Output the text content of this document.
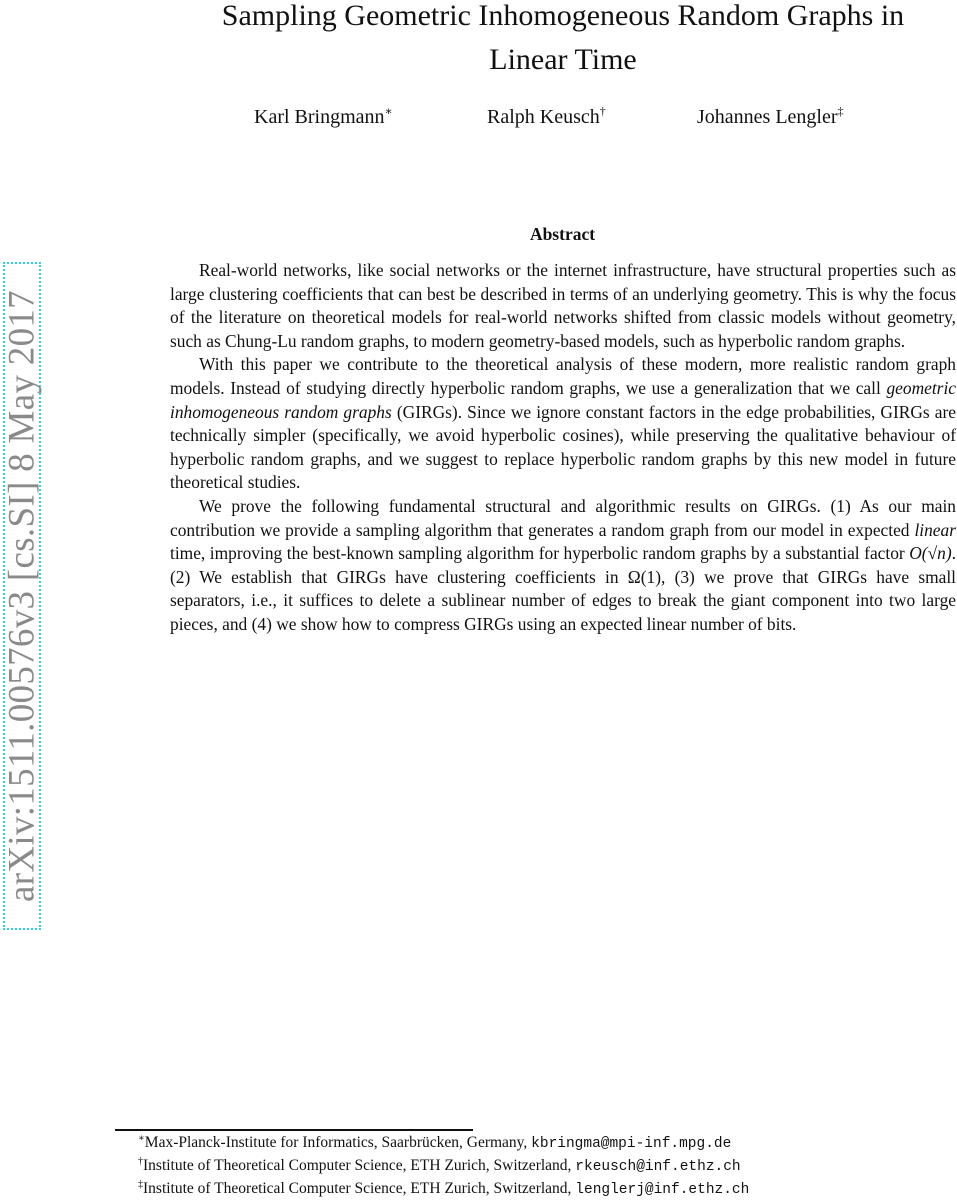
Sampling Geometric Inhomogeneous Random Graphs in
Linear Time
Karl Bringmann∗	Ralph Keusch†	Johannes Lengler‡
Abstract

Real-world networks, like social networks or the internet infrastructure, have structural properties such as large clustering coefficients that can best be described in terms of an underlying geometry. This is why the focus of the literature on theoretical models for real-world networks shifted from classic models without geometry, such as Chung-Lu random graphs, to modern geometry-based models, such as hyperbolic random graphs.

With this paper we contribute to the theoretical analysis of these modern, more realistic random graph models. Instead of studying directly hyperbolic random graphs, we use a generalization that we call geometric inhomogeneous random graphs (GIRGs). Since we ignore constant factors in the edge probabilities, GIRGs are technically simpler (specifically, we avoid hyperbolic cosines), while preserving the qualitative behaviour of hyperbolic random graphs, and we suggest to replace hyperbolic random graphs by this new model in future theoretical studies.

We prove the following fundamental structural and algorithmic results on GIRGs. (1) As our main contribution we provide a sampling algorithm that generates a random graph from our model in expected linear time, improving the best-known sampling algorithm for hyperbolic random graphs by a substantial factor O(√n). (2) We establish that GIRGs have clustering coefficients in Ω(1), (3) we prove that GIRGs have small separators, i.e., it suffices to delete a sublinear number of edges to break the giant component into two large pieces, and (4) we show how to compress GIRGs using an expected linear number of bits.

arXiv:1511.00576v3 [cs.SI] 8 May 2017
∗Max-Planck-Institute for Informatics, Saarbrücken, Germany, kbringma@mpi-inf.mpg.de
†Institute of Theoretical Computer Science, ETH Zurich, Switzerland, rkeusch@inf.ethz.ch
‡Institute of Theoretical Computer Science, ETH Zurich, Switzerland, lenglerj@inf.ethz.ch
